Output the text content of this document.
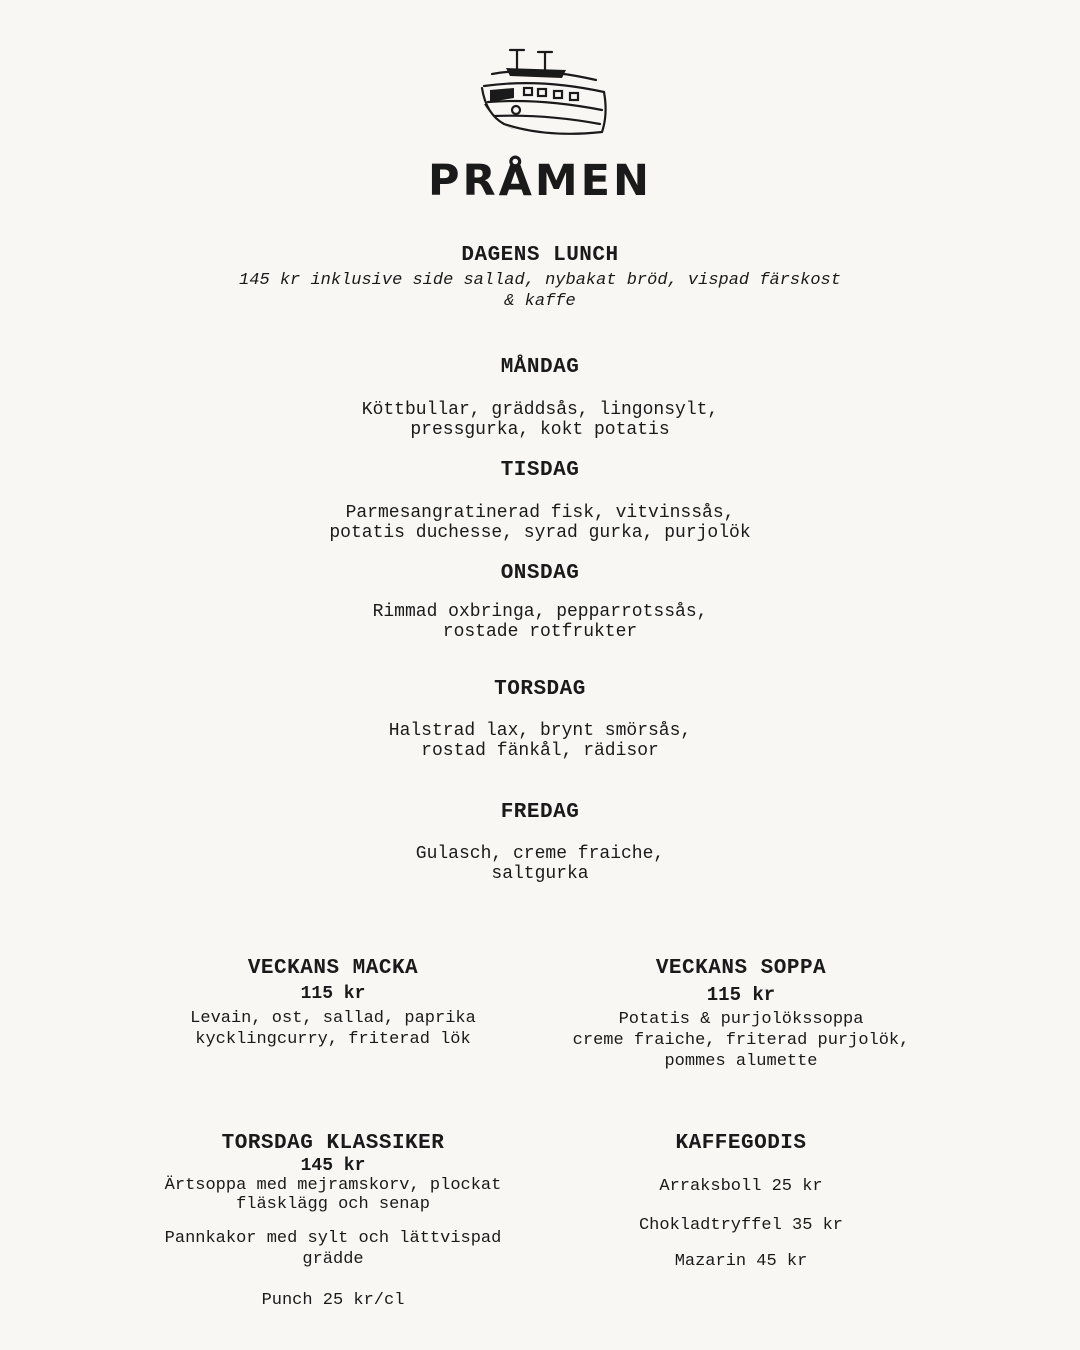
PRÅMEN
DAGENS LUNCH
145 kr inklusive side sallad, nybakat bröd, vispad färskost
& kaffe
MÅNDAG
Köttbullar, gräddsås, lingonsylt,
pressgurka, kokt potatis
TISDAG
Parmesangratinerad fisk, vitvinssås,
potatis duchesse, syrad gurka, purjolök
ONSDAG
Rimmad oxbringa, pepparrotssås,
rostade rotfrukter
TORSDAG
Halstrad lax, brynt smörsås,
rostad fänkål, rädisor
FREDAG
Gulasch, creme fraiche,
saltgurka
VECKANS MACKA
115 kr
Levain, ost, sallad, paprika
kycklingcurry, friterad lök
VECKANS SOPPA
115 kr
Potatis & purjolökssoppa
creme fraiche, friterad purjolök,
pommes alumette
TORSDAG KLASSIKER
145 kr
Ärtsoppa med mejramskorv, plockat
fläsklägg och senap
Pannkakor med sylt och lättvispad
grädde
Punch 25 kr/cl
KAFFEGODIS
Arraksboll 25 kr
Chokladtryffel 35 kr
Mazarin 45 kr
